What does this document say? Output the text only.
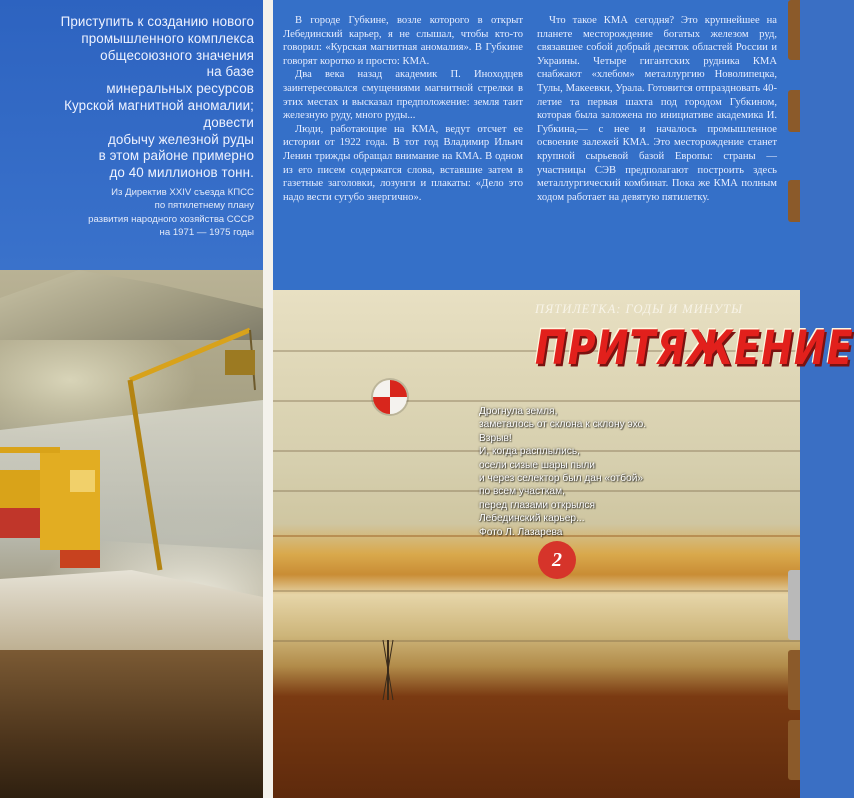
Приступить к созданию нового
промышленного комплекса
общесоюзного значения
на базе
минеральных ресурсов
Курской магнитной аномалии;
довести
добычу железной руды
в этом районе примерно
до 40 миллионов тонн.
Из Директив XXIV съезда КПСС
по пятилетнему плану
развития народного хозяйства СССР
на 1971 — 1975 годы

В городе Губкине, возле которого в открыт Лебединский карьер, я не слышал, чтобы кто-то говорил: «Курская магнитная аномалия». В Губкине говорят коротко и просто: КМА.

Два века назад академик П. Иноходцев заинтересовался смущениями магнитной стрелки в этих местах и высказал предположение: земля таит железную руду, много руды...

Люди, работающие на КМА, ведут отсчет ее истории от 1922 года. В тот год Владимир Ильич Ленин трижды обращал внимание на КМА. В одном из его писем содержатся слова, вставшие затем в газетные заголовки, лозунги и плакаты: «Дело это надо вести сугубо энергично».

Что такое КМА сегодня? Это крупнейшее на планете месторождение богатых железом руд, связавшее собой добрый десяток областей России и Украины. Четыре гигантских рудника КМА снабжают «хлебом» металлургию Новолипецка, Тулы, Макеевки, Урала. Готовится отпраздновать 40-летие та первая шахта под городом Губкином, которая была заложена по инициативе академика И. Губкина,— с нее и началось промышленное освоение залежей КМА. Это месторождение станет крупной сырьевой базой Европы: страны — участницы СЭВ предполагают построить здесь металлургический комбинат. Пока же КМА полным ходом работает на девятую пятилетку.

ПЯТИЛЕТКА: ГОДЫ И МИНУТЫ
ПРИТЯЖЕНИЕ
Дрогнула земля,
заметалось от склона к склону эхо.
Взрыв!
И, когда расплылись,
осели сизые шары пыли
и через селектор был дан «отбой»
по всем участкам,
перед глазами открылся
Лебединский карьер...
Фото Л. Лазарева
2
